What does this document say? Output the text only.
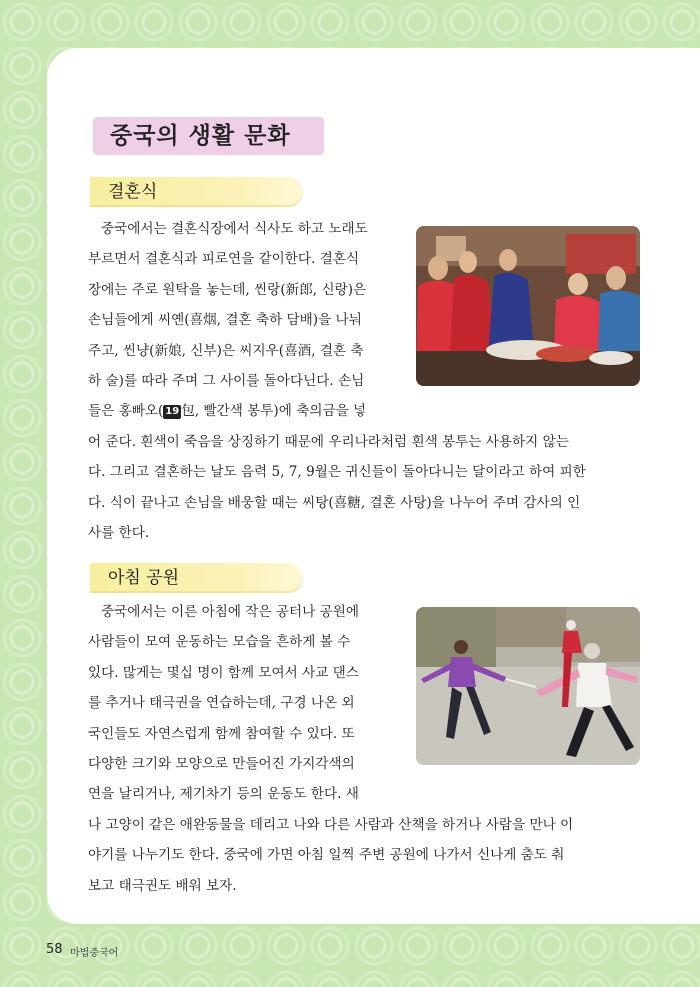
중국의 생활 문화
결혼식
중국에서는 결혼식장에서 식사도 하고 노래도
부르면서 결혼식과 피로연을 같이한다. 결혼식
장에는 주로 원탁을 놓는데, 씬랑(新郎, 신랑)은
손님들에게 씨옌(喜烟, 결혼 축하 담배)을 나눠
주고, 씬냥(新娘, 신부)은 씨지우(喜酒, 결혼 축
하 술)를 따라 주며 그 사이를 돌아다닌다. 손님
들은 홍빠오( 19 包, 빨간색 봉투)에 축의금을 넣
어 준다. 흰색이 죽음을 상징하기 때문에 우리나라처럼 흰색 봉투는 사용하지 않는
다. 그리고 결혼하는 날도 음력 5, 7, 9월은 귀신들이 돌아다니는 달이라고 하여 피한
다. 식이 끝나고 손님을 배웅할 때는 씨탕(喜糖, 결혼 사탕)을 나누어 주며 감사의 인
사를 한다.
아침 공원
중국에서는 이른 아침에 작은 공터나 공원에
사람들이 모여 운동하는 모습을 흔하게 볼 수
있다. 많게는 몇십 명이 함께 모여서 사교 댄스
를 추거나 태극권을 연습하는데, 구경 나온 외
국인들도 자연스럽게 함께 참여할 수 있다. 또
다양한 크기와 모양으로 만들어진 가지각색의
연을 날리거나, 제기차기 등의 운동도 한다. 새
나 고양이 같은 애완동물을 데리고 나와 다른 사람과 산책을 하거나 사람을 만나 이
야기를 나누기도 한다. 중국에 가면 아침 일찍 주변 공원에 나가서 신나게 춤도 춰
보고 태극권도 배워 보자.
58 마법중국어
